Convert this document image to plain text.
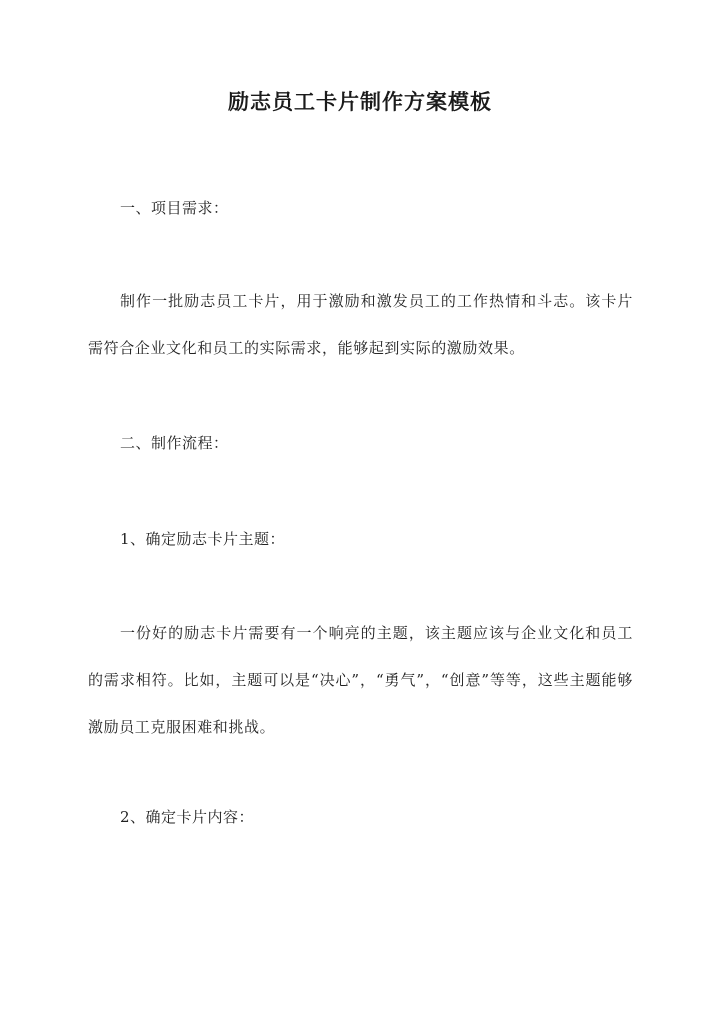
励志员工卡片制作方案模板
一、项目需求：

制作一批励志员工卡片，用于激励和激发员工的工作热情和斗志。该卡片需符合企业文化和员工的实际需求，能够起到实际的激励效果。

二、制作流程：
1、确定励志卡片主题：

一份好的励志卡片需要有一个响亮的主题，该主题应该与企业文化和员工的需求相符。比如，主题可以是“决心”，“勇气”，“创意”等等，这些主题能够激励员工克服困难和挑战。

2、确定卡片内容：
